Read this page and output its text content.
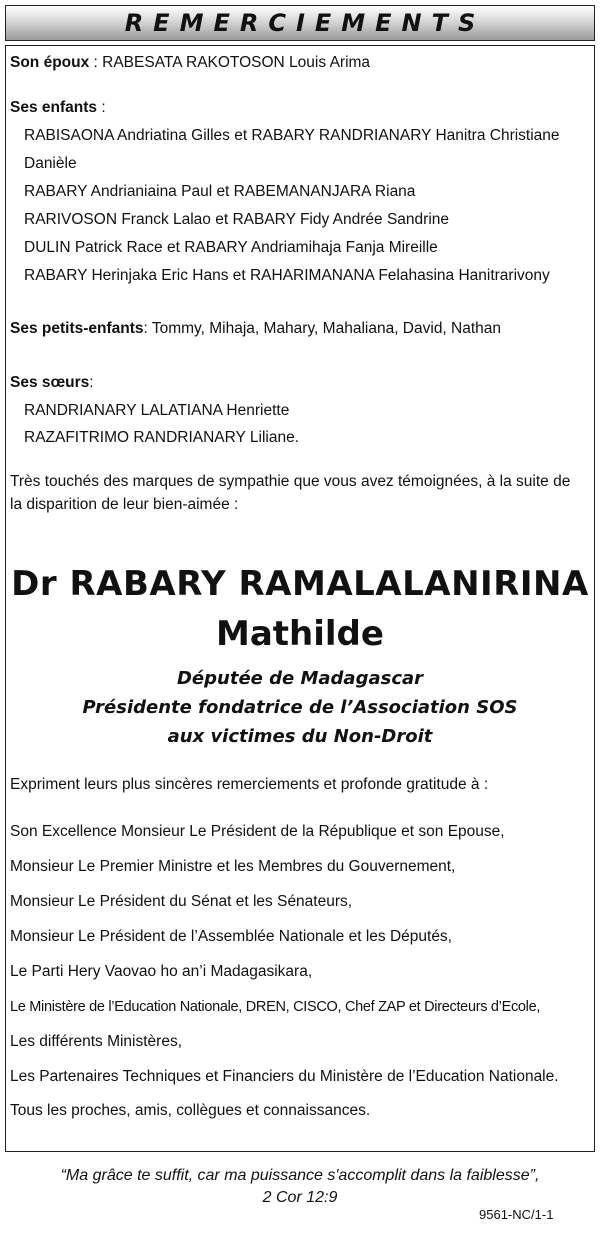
REMERCIEMENTS
Son époux : RABESATA RAKOTOSON Louis Arima
Ses enfants :
RABISAONA Andriatina Gilles et RABARY RANDRIANARY Hanitra Christiane
Danièle
RABARY Andrianiaina Paul et RABEMANANJARA Riana
RARIVOSON Franck Lalao et RABARY Fidy Andrée Sandrine
DULIN Patrick Race et RABARY Andriamihaja Fanja Mireille
RABARY Herinjaka Eric Hans et RAHARIMANANA Felahasina Hanitrarivony
Ses petits-enfants: Tommy, Mihaja, Mahary, Mahaliana, David, Nathan
Ses sœurs:
RANDRIANARY LALATIANA Henriette
RAZAFITRIMO RANDRIANARY Liliane.
Très touchés des marques de sympathie que vous avez témoignées, à la suite de
la disparition de leur bien-aimée :
Dr RABARY RAMALALANIRINA
Mathilde
Députée de Madagascar
Présidente fondatrice de l’Association SOS
aux victimes du Non-Droit
Expriment leurs plus sincères remerciements et profonde gratitude à :
Son Excellence Monsieur Le Président de la République et son Epouse,
Monsieur Le Premier Ministre et les Membres du Gouvernement,
Monsieur Le Président du Sénat et les Sénateurs,
Monsieur Le Président de l’Assemblée Nationale et les Députés,
Le Parti Hery Vaovao ho an’i Madagasikara,
Le Ministère de l’Education Nationale, DREN, CISCO, Chef ZAP et Directeurs d’Ecole,
Les différents Ministères,
Les Partenaires Techniques et Financiers du Ministère de l’Education Nationale.
Tous les proches, amis, collègues et connaissances.
“Ma grâce te suffit, car ma puissance s'accomplit dans la faiblesse”,
2 Cor 12:9
9561-NC/1-1
